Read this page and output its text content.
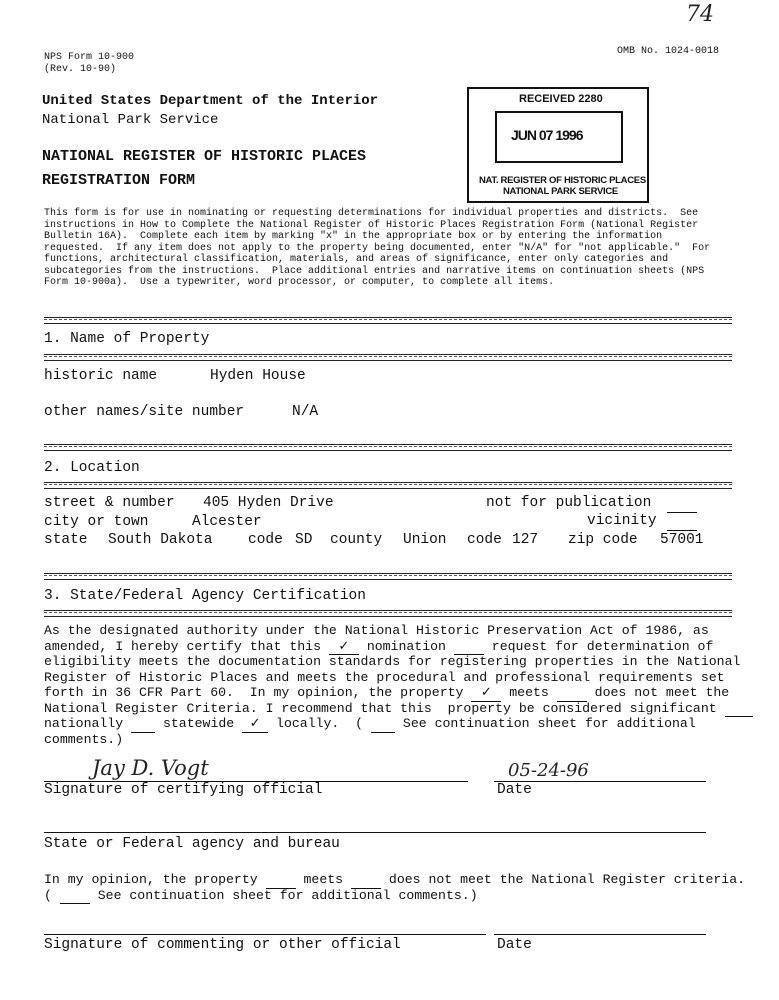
74
NPS Form 10-900
(Rev. 10-90)
OMB No. 1024-0018
United States Department of the Interior
National Park Service
NATIONAL REGISTER OF HISTORIC PLACES
REGISTRATION FORM
RECEIVED 2280
JUN 07 1996
NAT. REGISTER OF HISTORIC PLACES
NATIONAL PARK SERVICE
This form is for use in nominating or requesting determinations for individual properties and districts.  See
instructions in How to Complete the National Register of Historic Places Registration Form (National Register
Bulletin 16A).  Complete each item by marking "x" in the appropriate box or by entering the information
requested.  If any item does not apply to the property being documented, enter "N/A" for "not applicable."  For
functions, architectural classification, materials, and areas of significance, enter only categories and
subcategories from the instructions.  Place additional entries and narrative items on continuation sheets (NPS
Form 10-900a).  Use a typewriter, word processor, or computer, to complete all items.
1. Name of Property
historic name	Hyden House
other names/site number	N/A
2. Location
street & number 405 Hyden Drive	not for publication
city or town	Alcester	vicinity
state South Dakota code SD county Union code 127 zip code 57001
3. State/Federal Agency Certification
As the designated authority under the National Historic Preservation Act of 1986, as
amended, I hereby certify that this ✓ nomination  request for determination of
eligibility meets the documentation standards for registering properties in the National
Register of Historic Places and meets the procedural and professional requirements set
forth in 36 CFR Part 60.  In my opinion, the property ✓ meets  does not meet the
National Register Criteria. I recommend that this  property be considered significant
nationally  statewide ✓ locally.  (  See continuation sheet for additional
comments.)
Jay D. Vogt	05-24-96
Signature of certifying official	Date
State or Federal agency and bureau
In my opinion, the property  meets  does not meet the National Register criteria.
(  See continuation sheet for additional comments.)
Signature of commenting or other official	Date
